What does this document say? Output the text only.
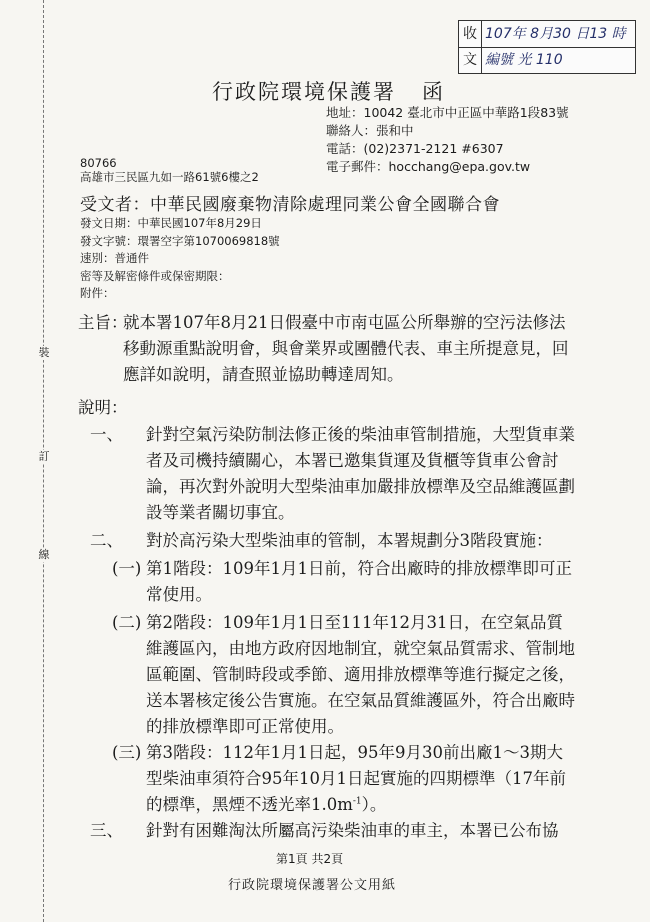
收 107年 8月30 日13 時
文 編號 光 110
行政院環境保護署 函
地址：10042 臺北市中正區中華路1段83號
聯絡人：張和中
電話：(02)2371-2121 #6307
電子郵件：hocchang@epa.gov.tw
80766
高雄市三民區九如一路61號6樓之2
受文者：中華民國廢棄物清除處理同業公會全國聯合會
發文日期：中華民國107年8月29日
發文字號：環署空字第1070069818號
速別：普通件
密等及解密條件或保密期限：
附件：
裝
訂
線
主旨：
就本署107年8月21日假臺中市南屯區公所舉辦的空污法修法移動源重點說明會，與會業界或團體代表、車主所提意見，回應詳如說明，請查照並協助轉達周知。
說明：
一、 針對空氣污染防制法修正後的柴油車管制措施，大型貨車業者及司機持續關心，本署已邀集貨運及貨櫃等貨車公會討論，再次對外說明大型柴油車加嚴排放標準及空品維護區劃設等業者關切事宜。
二、 對於高污染大型柴油車的管制，本署規劃分3階段實施：
(一) 第1階段：109年1月1日前，符合出廠時的排放標準即可正常使用。
(二) 第2階段：109年1月1日至111年12月31日，在空氣品質維護區內，由地方政府因地制宜，就空氣品質需求、管制地區範圍、管制時段或季節、適用排放標準等進行擬定之後，送本署核定後公告實施。在空氣品質維護區外，符合出廠時的排放標準即可正常使用。
(三) 第3階段：112年1月1日起，95年9月30前出廠1～3期大型柴油車須符合95年10月1日起實施的四期標準（17年前的標準，黑煙不透光率$1.0m^{-1}$）。
三、 針對有困難淘汰所屬高污染柴油車的車主，本署已公布協
第1頁 共2頁
行政院環境保護署公文用紙
